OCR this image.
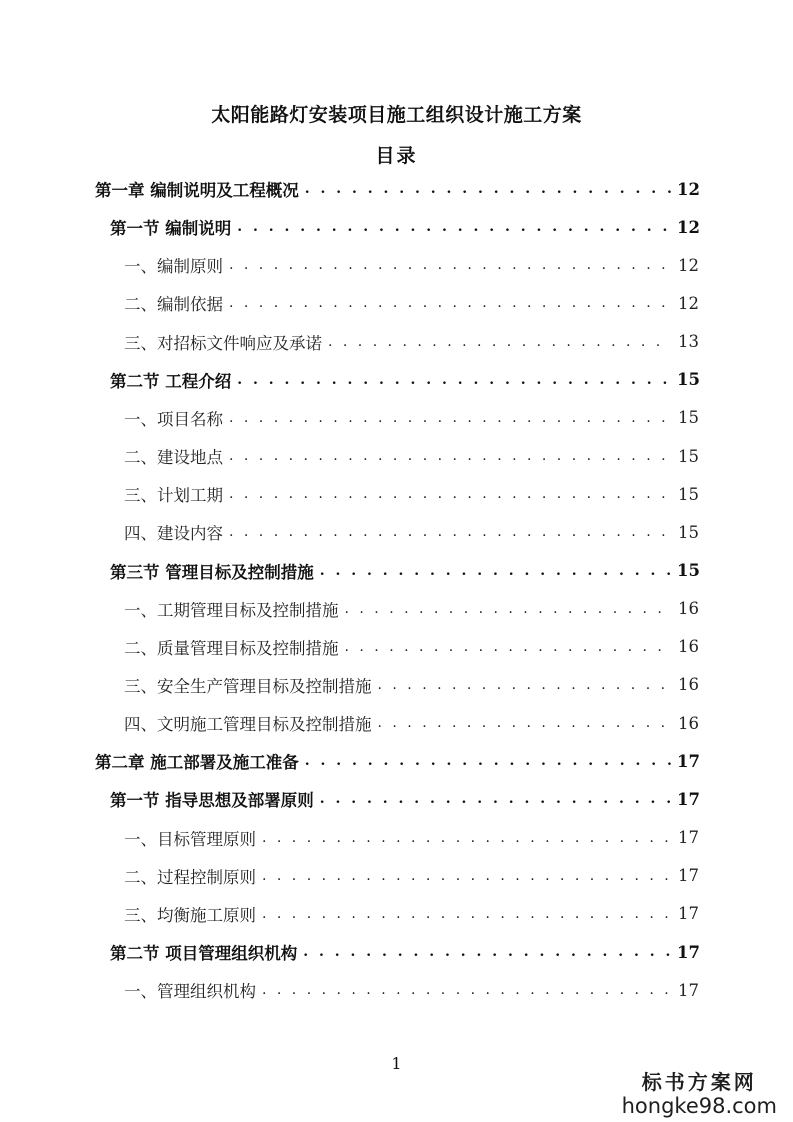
太阳能路灯安装项目施工组织设计施工方案
目录
第一章 编制说明及工程概况 . . .	12
第一节 编制说明 . . .	12
一、编制原则 . . .	12
二、编制依据 . . .	12
三、对招标文件响应及承诺 . . .	13
第二节 工程介绍 . . .	15
一、项目名称 . . .	15
二、建设地点 . . .	15
三、计划工期 . . .	15
四、建设内容 . . .	15
第三节 管理目标及控制措施 . . .	15
一、工期管理目标及控制措施 . . .	16
二、质量管理目标及控制措施 . . .	16
三、安全生产管理目标及控制措施 . . .	16
四、文明施工管理目标及控制措施 . . .	16
第二章 施工部署及施工准备 . . .	17
第一节 指导思想及部署原则 . . .	17
一、目标管理原则 . . .	17
二、过程控制原则 . . .	17
三、均衡施工原则 . . .	17
第二节 项目管理组织机构 . . .	17
一、管理组织机构 . . .	17
1
标书方案网
hongke98.com
